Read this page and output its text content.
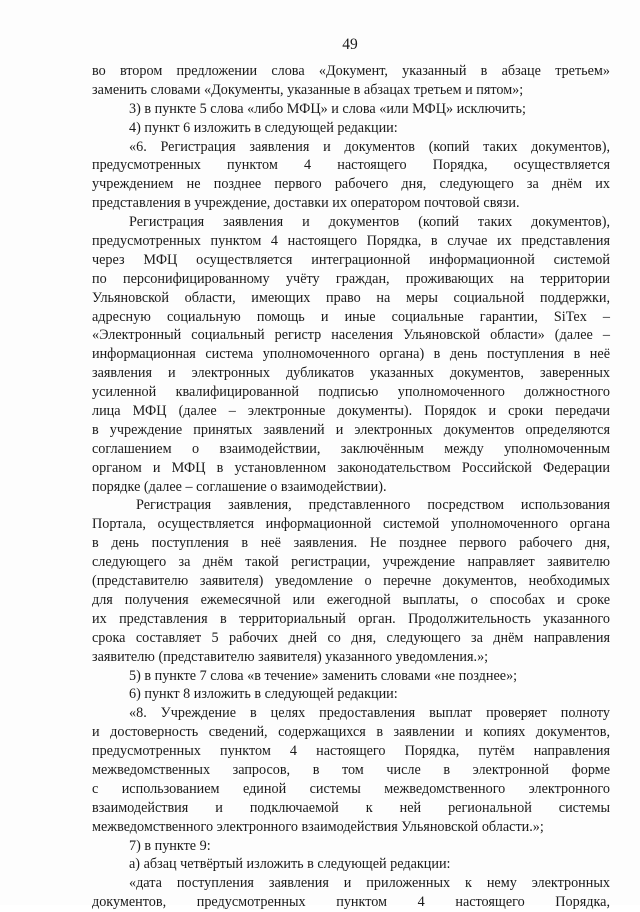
49
во втором предложении слова «Документ, указанный в абзаце третьем»
заменить словами «Документы, указанные в абзацах третьем и пятом»;
3) в пункте 5 слова «либо МФЦ» и слова «или МФЦ» исключить;
4) пункт 6 изложить в следующей редакции:
«6. Регистрация заявления и документов (копий таких документов),
предусмотренных пунктом 4 настоящего Порядка, осуществляется
учреждением не позднее первого рабочего дня, следующего за днём их
представления в учреждение, доставки их оператором почтовой связи.
Регистрация заявления и документов (копий таких документов),
предусмотренных пунктом 4 настоящего Порядка, в случае их представления
через МФЦ осуществляется интеграционной информационной системой
по персонифицированному учёту граждан, проживающих на территории
Ульяновской области, имеющих право на меры социальной поддержки,
адресную социальную помощь и иные социальные гарантии, SiTex –
«Электронный социальный регистр населения Ульяновской области» (далее –
информационная система уполномоченного органа) в день поступления в неё
заявления и электронных дубликатов указанных документов, заверенных
усиленной квалифицированной подписью уполномоченного должностного
лица МФЦ (далее – электронные документы). Порядок и сроки передачи
в учреждение принятых заявлений и электронных документов определяются
соглашением о взаимодействии, заключённым между уполномоченным
органом и МФЦ в установленном законодательством Российской Федерации
порядке (далее – соглашение о взаимодействии).
Регистрация заявления, представленного посредством использования
Портала, осуществляется информационной системой уполномоченного органа
в день поступления в неё заявления. Не позднее первого рабочего дня,
следующего за днём такой регистрации, учреждение направляет заявителю
(представителю заявителя) уведомление о перечне документов, необходимых
для получения ежемесячной или ежегодной выплаты, о способах и сроке
их представления в территориальный орган. Продолжительность указанного
срока составляет 5 рабочих дней со дня, следующего за днём направления
заявителю (представителю заявителя) указанного уведомления.»;
5) в пункте 7 слова «в течение» заменить словами «не позднее»;
6) пункт 8 изложить в следующей редакции:
«8. Учреждение в целях предоставления выплат проверяет полноту
и достоверность сведений, содержащихся в заявлении и копиях документов,
предусмотренных пунктом 4 настоящего Порядка, путём направления
межведомственных запросов, в том числе в электронной форме
с использованием единой системы межведомственного электронного
взаимодействия и подключаемой к ней региональной системы
межведомственного электронного взаимодействия Ульяновской области.»;
7) в пункте 9:
а) абзац четвёртый изложить в следующей редакции:
«дата поступления заявления и приложенных к нему электронных
документов, предусмотренных пунктом 4 настоящего Порядка,
